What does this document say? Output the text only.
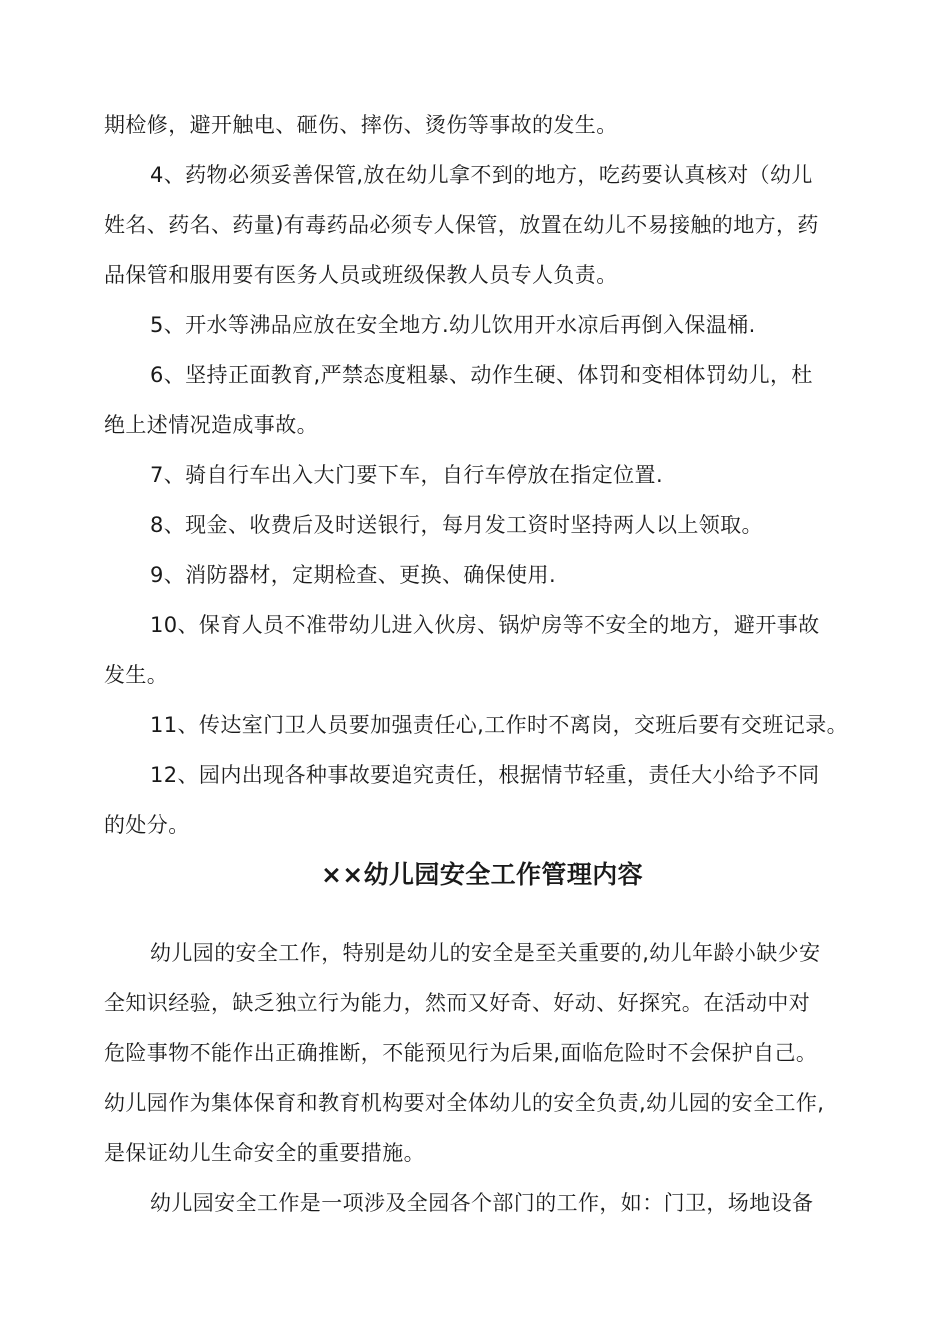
期检修，避开触电、砸伤、摔伤、烫伤等事故的发生。

4、药物必须妥善保管,放在幼儿拿不到的地方，吃药要认真核对（幼儿
姓名、药名、药量)有毒药品必须专人保管，放置在幼儿不易接触的地方，药
品保管和服用要有医务人员或班级保教人员专人负责。

5、开水等沸品应放在安全地方.幼儿饮用开水凉后再倒入保温桶.

6、坚持正面教育,严禁态度粗暴、动作生硬、体罚和变相体罚幼儿，杜
绝上述情况造成事故。

7、骑自行车出入大门要下车，自行车停放在指定位置.

8、现金、收费后及时送银行，每月发工资时坚持两人以上领取。

9、消防器材，定期检查、更换、确保使用.

10、保育人员不准带幼儿进入伙房、锅炉房等不安全的地方，避开事故
发生。

11、传达室门卫人员要加强责任心,工作时不离岗，交班后要有交班记录。

12、园内出现各种事故要追究责任，根据情节轻重，责任大小给予不同
的处分。

××幼儿园安全工作管理内容

幼儿园的安全工作，特别是幼儿的安全是至关重要的,幼儿年龄小缺少安
全知识经验，缺乏独立行为能力，然而又好奇、好动、好探究。在活动中对
危险事物不能作出正确推断，不能预见行为后果,面临危险时不会保护自己。
幼儿园作为集体保育和教育机构要对全体幼儿的安全负责,幼儿园的安全工作,
是保证幼儿生命安全的重要措施。

幼儿园安全工作是一项涉及全园各个部门的工作，如：门卫，场地设备
